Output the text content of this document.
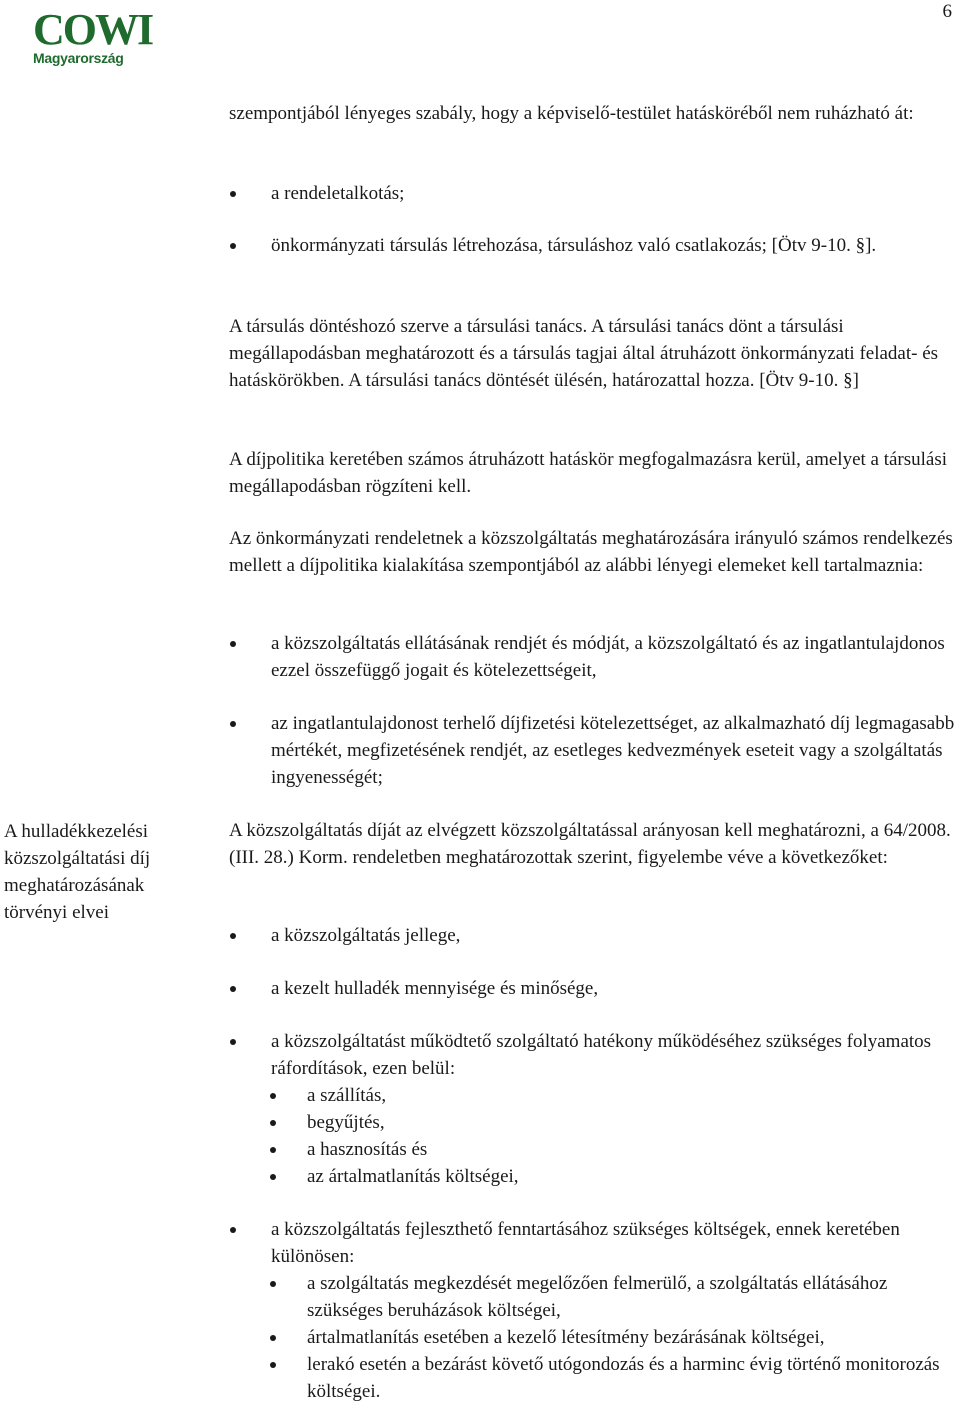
COWI
Magyarország
6

szempontjából lényeges szabály, hogy a képviselő-testület hatásköréből nem ruházható át:

a rendeletalkotás;
önkormányzati társulás létrehozása, társuláshoz való csatlakozás; [Ötv 9-10. §].

A társulás döntéshozó szerve a társulási tanács. A társulási tanács dönt a társulási megállapodásban meghatározott és a társulás tagjai által átruházott önkormányzati feladat- és hatáskörökben. A társulási tanács döntését ülésén, határozattal hozza. [Ötv 9-10. §]

A díjpolitika keretében számos átruházott hatáskör megfogalmazásra kerül, amelyet a társulási megállapodásban rögzíteni kell.

Az önkormányzati rendeletnek a közszolgáltatás meghatározására irányuló számos rendelkezés mellett a díjpolitika kialakítása szempontjából az alábbi lényegi elemeket kell tartalmaznia:

a közszolgáltatás ellátásának rendjét és módját, a közszolgáltató és az ingatlantulajdonos ezzel összefüggő jogait és kötelezettségeit,
az ingatlantulajdonost terhelő díjfizetési kötelezettséget, az alkalmazható díj legmagasabb mértékét, megfizetésének rendjét, az esetleges kedvezmények eseteit vagy a szolgáltatás ingyenességét;
A hulladékkezelési közszolgáltatási díj meghatározásának törvényi elvei

A közszolgáltatás díját az elvégzett közszolgáltatással arányosan kell meghatározni, a 64/2008. (III. 28.) Korm. rendeletben meghatározottak szerint, figyelembe véve a következőket:

a közszolgáltatás jellege,
a kezelt hulladék mennyisége és minősége,
a közszolgáltatást működtető szolgáltató hatékony működéséhez szükséges folyamatos ráfordítások, ezen belül:
a szállítás,
begyűjtés,
a hasznosítás és
az ártalmatlanítás költségei,
a közszolgáltatás fejleszthető fenntartásához szükséges költségek, ennek keretében különösen:
a szolgáltatás megkezdését megelőzően felmerülő, a szolgáltatás ellátásához szükséges beruházások költségei,
ártalmatlanítás esetében a kezelő létesítmény bezárásának költségei,
lerakó esetén a bezárást követő utógondozás és a harminc évig történő monitorozás költségei.
